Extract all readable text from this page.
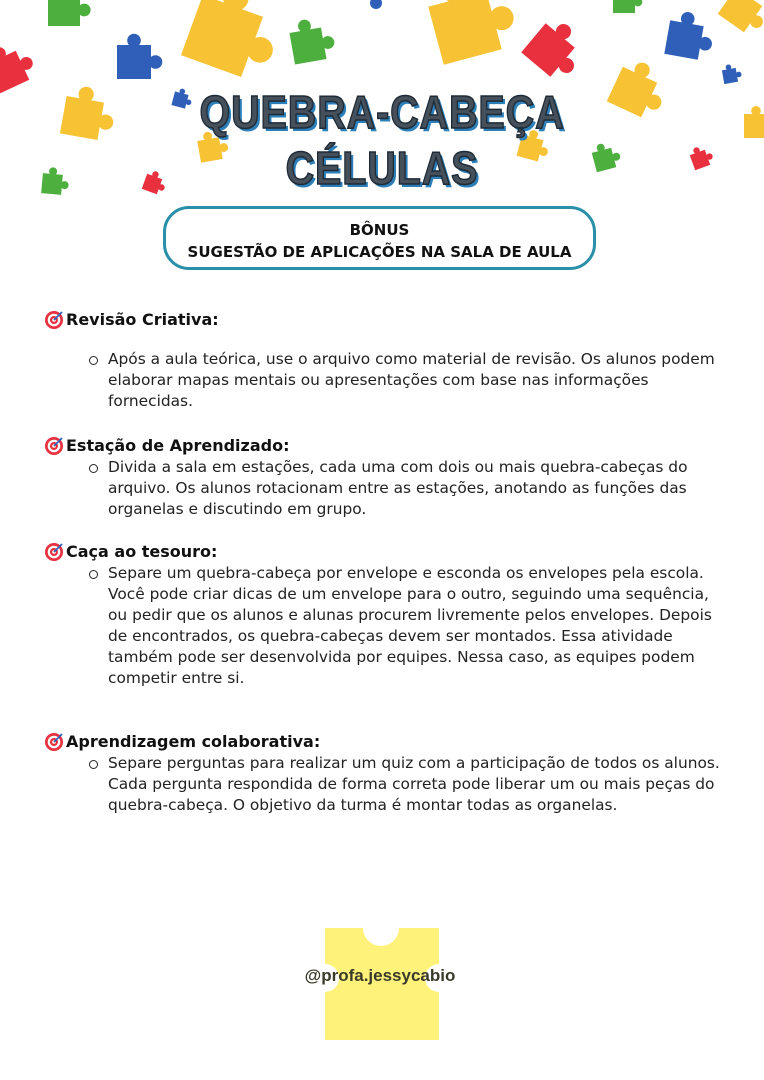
QUEBRA-CABEÇA
CÉLULAS
BÔNUS
SUGESTÃO DE APLICAÇÕES NA SALA DE AULA
Revisão Criativa:
Após a aula teórica, use o arquivo como material de revisão. Os alunos podem elaborar mapas mentais ou apresentações com base nas informações fornecidas.
Estação de Aprendizado:
Divida a sala em estações, cada uma com dois ou mais quebra-cabeças do arquivo. Os alunos rotacionam entre as estações, anotando as funções das organelas e discutindo em grupo.
Caça ao tesouro:
Separe um quebra-cabeça por envelope e esconda os envelopes pela escola. Você pode criar dicas de um envelope para o outro, seguindo uma sequência, ou pedir que os alunos e alunas procurem livremente pelos envelopes. Depois de encontrados, os quebra-cabeças devem ser montados. Essa atividade também pode ser desenvolvida por equipes. Nessa caso, as equipes podem competir entre si.
Aprendizagem colaborativa:
Separe perguntas para realizar um quiz com a participação de todos os alunos. Cada pergunta respondida de forma correta pode liberar um ou mais peças do quebra-cabeça. O objetivo da turma é montar todas as organelas.
@profa.jessycabio
